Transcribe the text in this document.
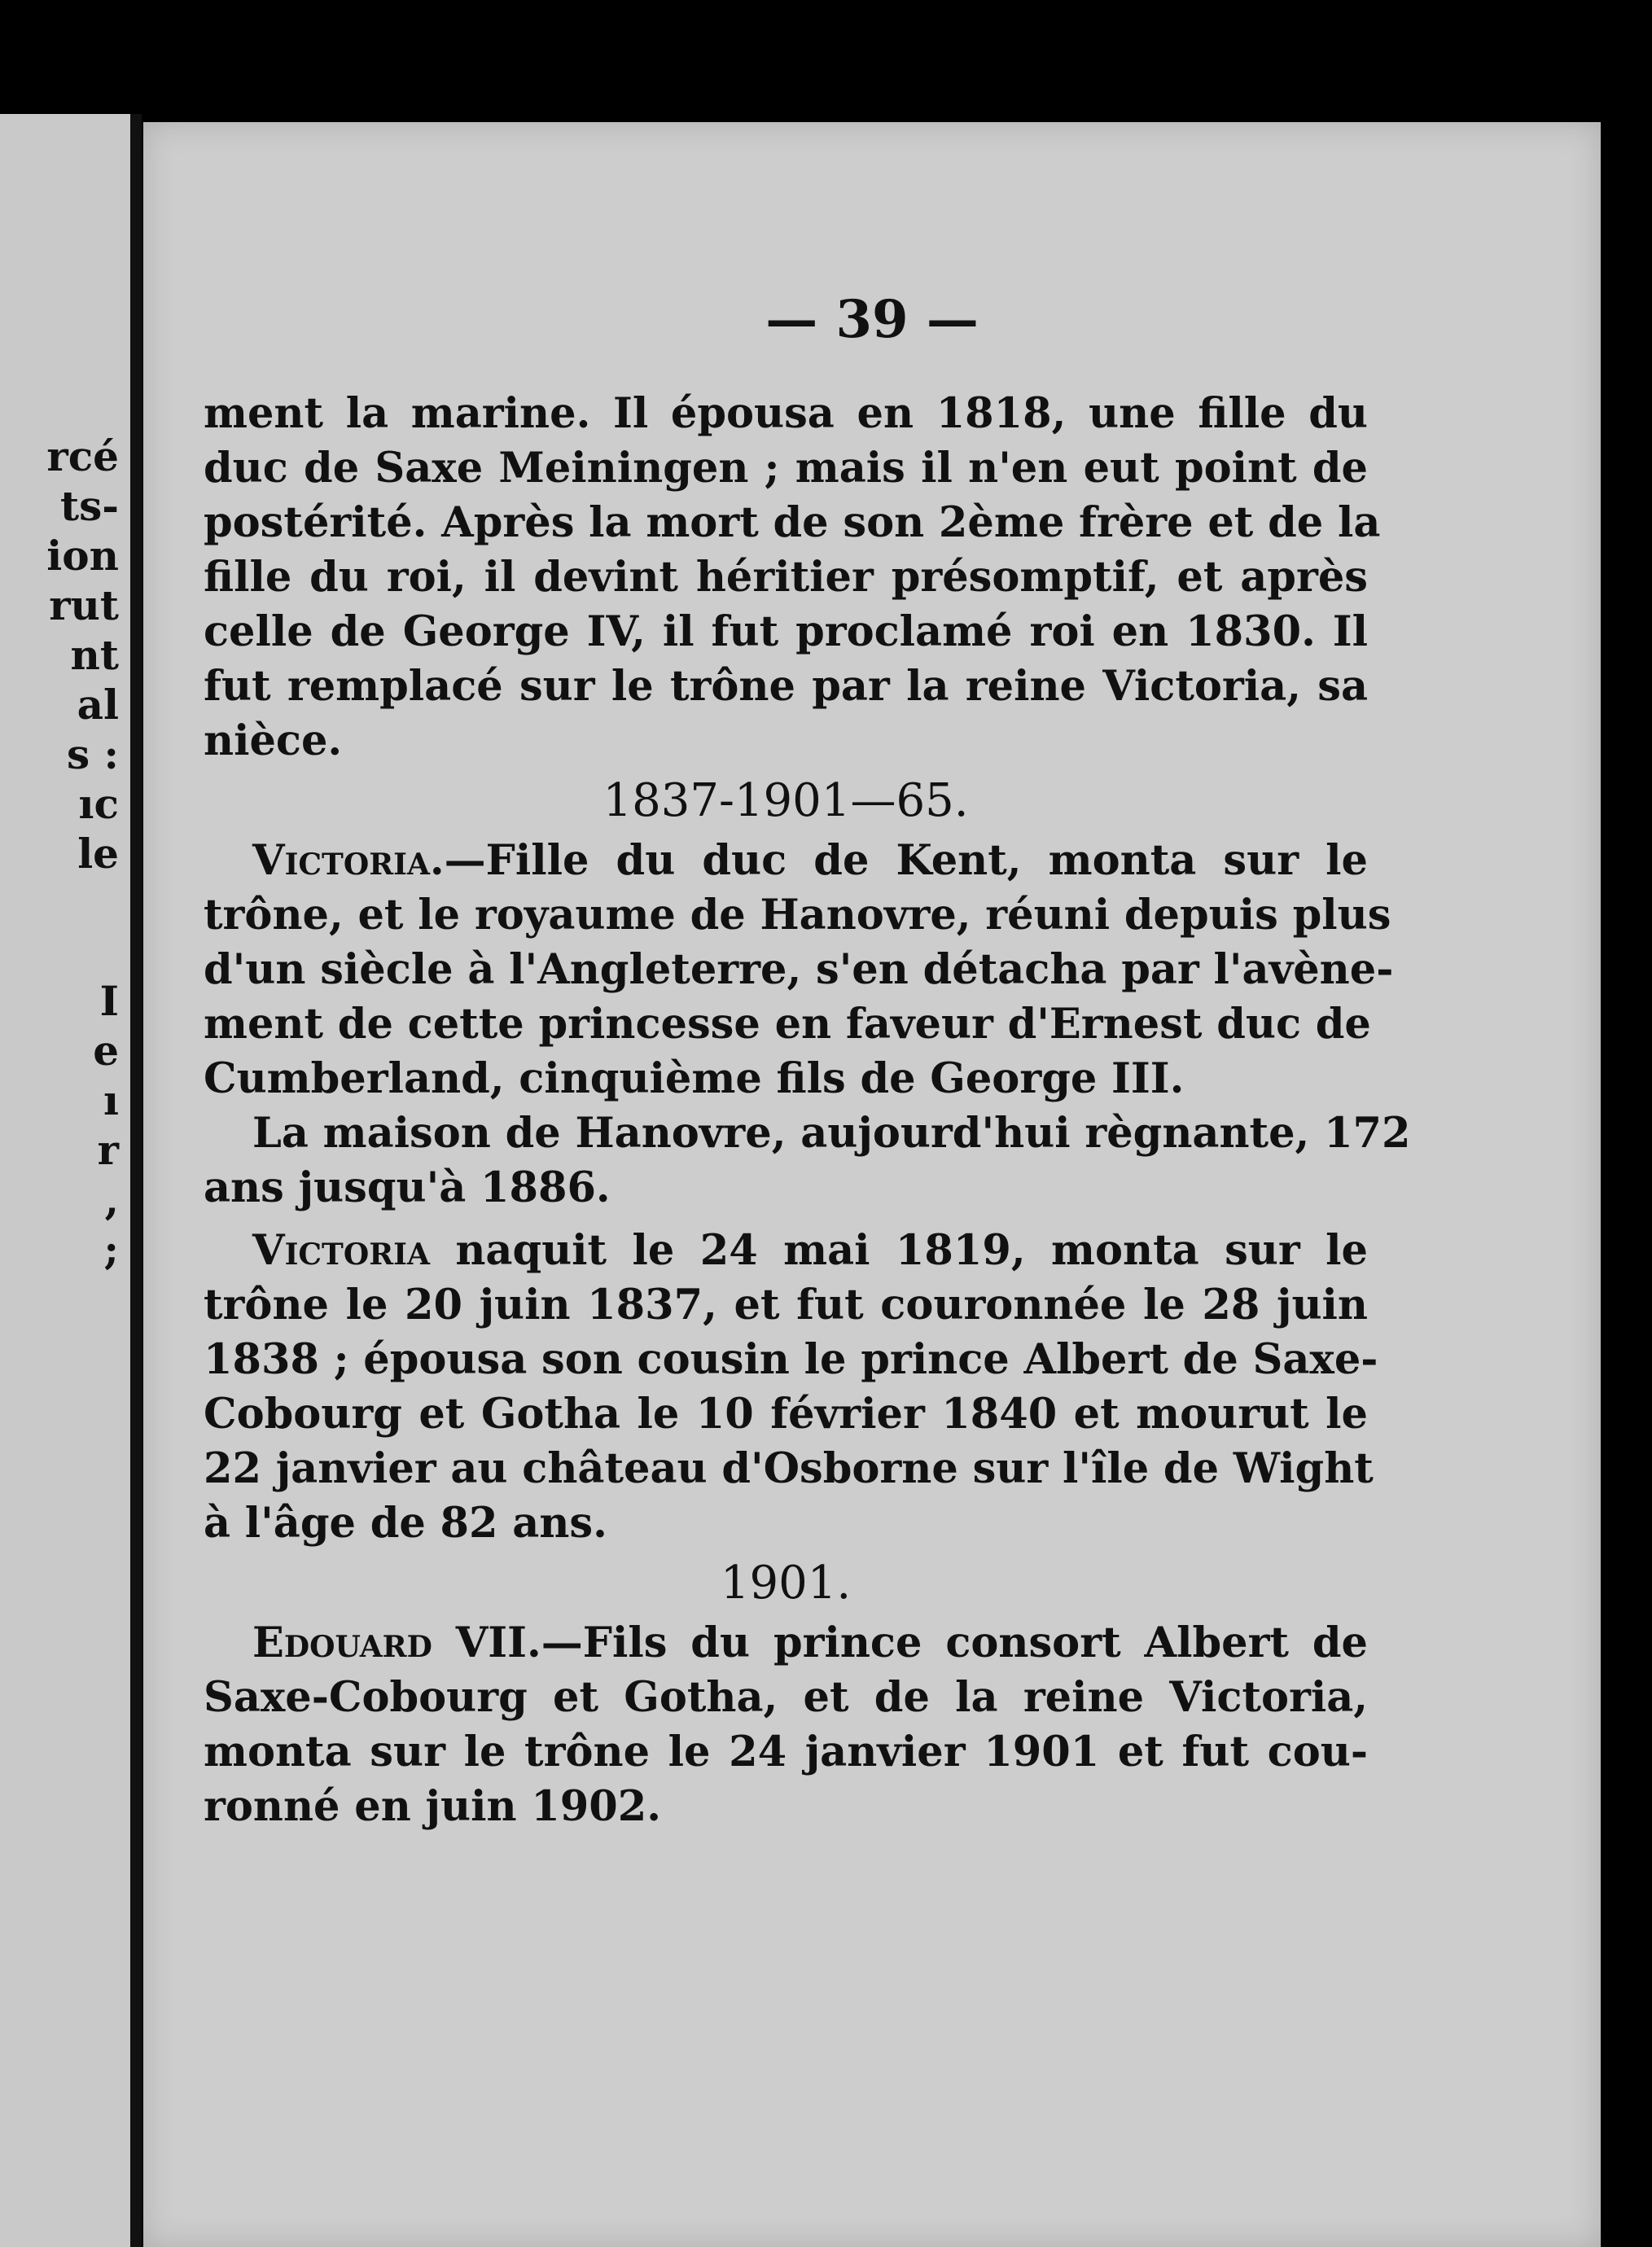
rcé
ts-
ion
rut
nt
al
s :
ıc
le
I
e
ı
r
,
;
— 39 —
ment la marine. Il épousa en 1818, une fille du
duc de Saxe Meiningen ; mais il n'en eut point de
postérité. Après la mort de son 2ème frère et de la
fille du roi, il devint héritier présomptif, et après
celle de George IV, il fut proclamé roi en 1830. Il
fut remplacé sur le trône par la reine Victoria, sa
nièce.
1837-1901—65.
Victoria.—Fille du duc de Kent, monta sur le
trône, et le royaume de Hanovre, réuni depuis plus
d'un siècle à l'Angleterre, s'en détacha par l'avène-
ment de cette princesse en faveur d'Ernest duc de
Cumberland, cinquième fils de George III.
La maison de Hanovre, aujourd'hui règnante, 172
ans jusqu'à 1886.
Victoria naquit le 24 mai 1819, monta sur le
trône le 20 juin 1837, et fut couronnée le 28 juin
1838 ; épousa son cousin le prince Albert de Saxe-
Cobourg et Gotha le 10 février 1840 et mourut le
22 janvier au château d'Osborne sur l'île de Wight
à l'âge de 82 ans.
1901.
Edouard VII.—Fils du prince consort Albert de
Saxe-Cobourg et Gotha, et de la reine Victoria,
monta sur le trône le 24 janvier 1901 et fut cou-
ronné en juin 1902.
